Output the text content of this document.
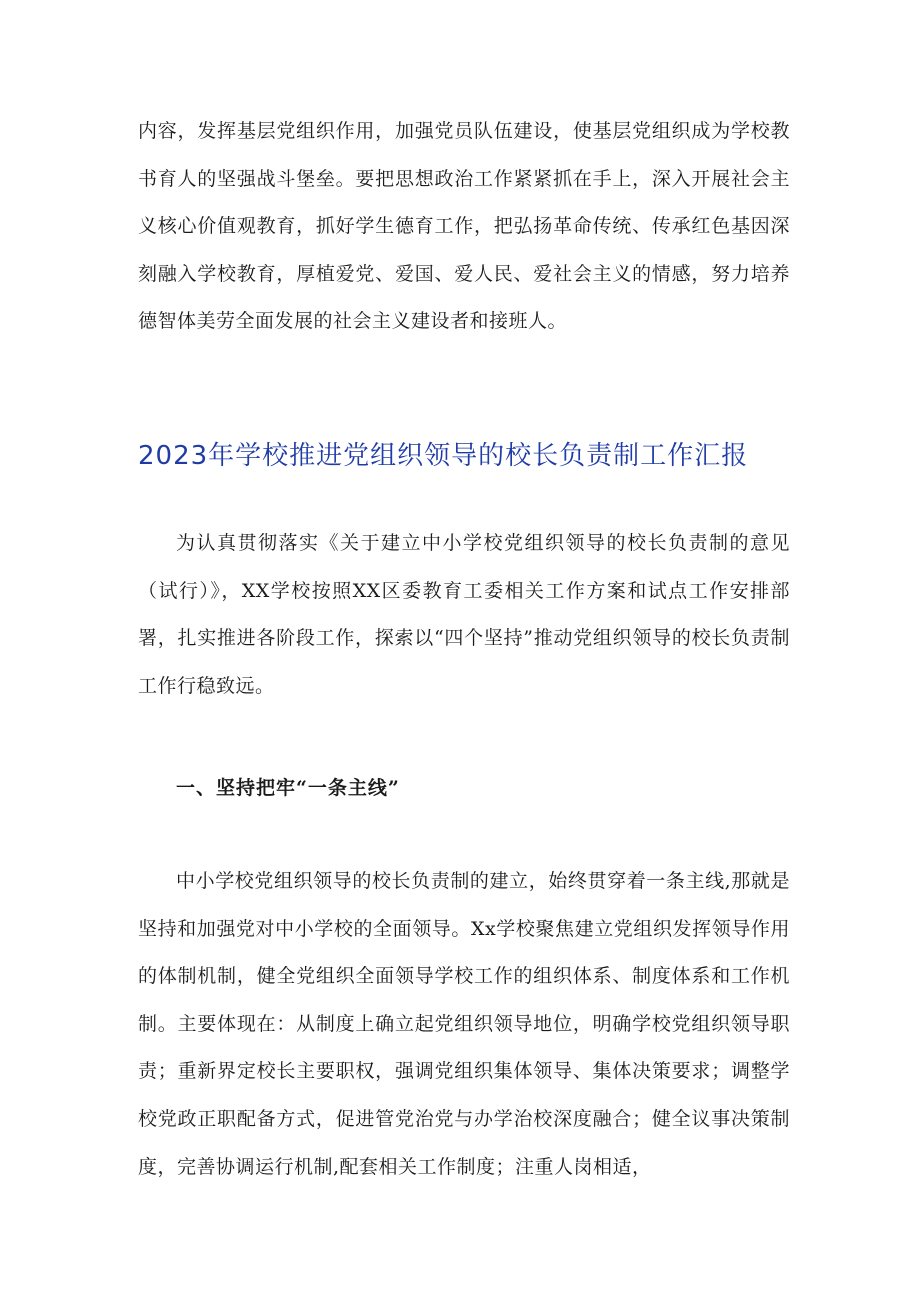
内容，发挥基层党组织作用，加强党员队伍建设，使基层党组织成为学校教书育人的坚强战斗堡垒。要把思想政治工作紧紧抓在手上，深入开展社会主义核心价值观教育，抓好学生德育工作，把弘扬革命传统、传承红色基因深刻融入学校教育，厚植爱党、爱国、爱人民、爱社会主义的情感，努力培养德智体美劳全面发展的社会主义建设者和接班人。

2023年学校推进党组织领导的校长负责制工作汇报

为认真贯彻落实《关于建立中小学校党组织领导的校长负责制的意见（试行）》，XX学校按照XX区委教育工委相关工作方案和试点工作安排部署，扎实推进各阶段工作，探索以“四个坚持”推动党组织领导的校长负责制工作行稳致远。

一、坚持把牢“一条主线”

中小学校党组织领导的校长负责制的建立，始终贯穿着一条主线,那就是坚持和加强党对中小学校的全面领导。Xx学校聚焦建立党组织发挥领导作用的体制机制，健全党组织全面领导学校工作的组织体系、制度体系和工作机制。主要体现在：从制度上确立起党组织领导地位，明确学校党组织领导职责；重新界定校长主要职权，强调党组织集体领导、集体决策要求；调整学校党政正职配备方式，促进管党治党与办学治校深度融合；健全议事决策制度，完善协调运行机制,配套相关工作制度；注重人岗相适，
